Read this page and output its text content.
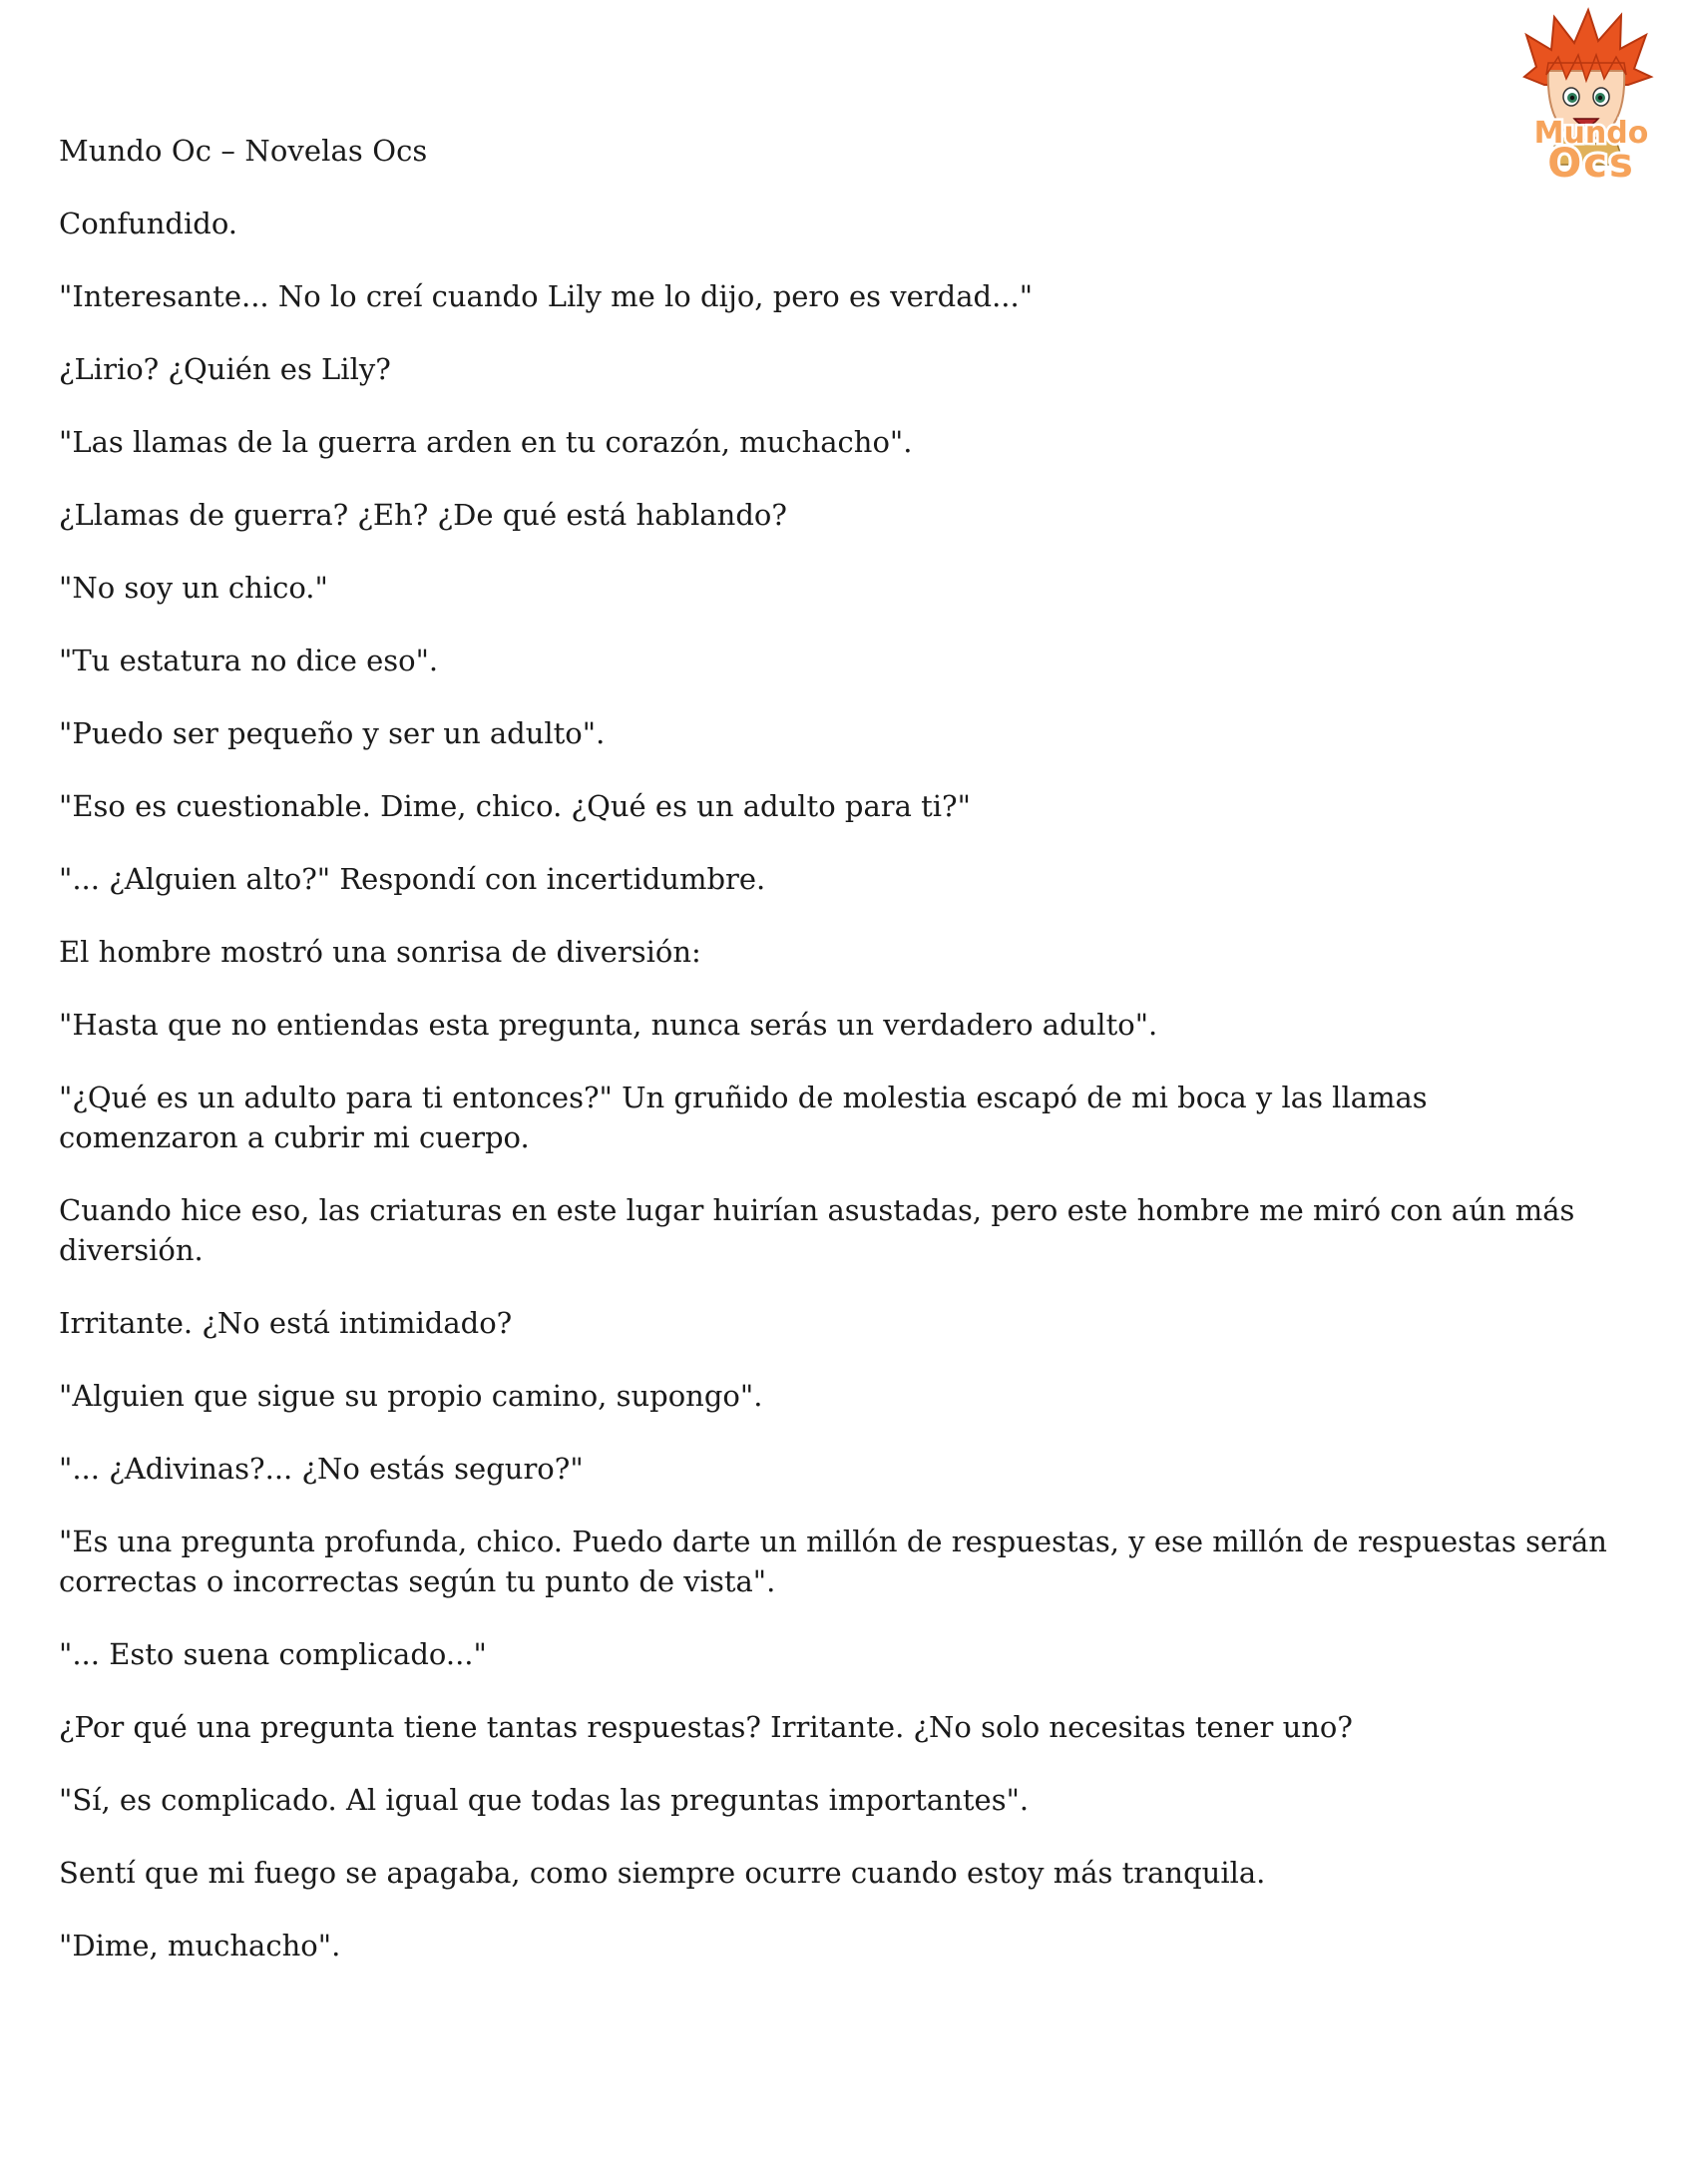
Mundo
Ocs
Mundo Oc – Novelas Ocs

Confundido.

"Interesante... No lo creí cuando Lily me lo dijo, pero es verdad..."

¿Lirio? ¿Quién es Lily?

"Las llamas de la guerra arden en tu corazón, muchacho".

¿Llamas de guerra? ¿Eh? ¿De qué está hablando?

"No soy un chico."

"Tu estatura no dice eso".

"Puedo ser pequeño y ser un adulto".

"Eso es cuestionable. Dime, chico. ¿Qué es un adulto para ti?"

"... ¿Alguien alto?" Respondí con incertidumbre.

El hombre mostró una sonrisa de diversión:

"Hasta que no entiendas esta pregunta, nunca serás un verdadero adulto".

"¿Qué es un adulto para ti entonces?" Un gruñido de molestia escapó de mi boca y las llamas comenzaron a cubrir mi cuerpo.

Cuando hice eso, las criaturas en este lugar huirían asustadas, pero este hombre me miró con aún más diversión.

Irritante. ¿No está intimidado?

"Alguien que sigue su propio camino, supongo".

"... ¿Adivinas?... ¿No estás seguro?"

"Es una pregunta profunda, chico. Puedo darte un millón de respuestas, y ese millón de respuestas serán correctas o incorrectas según tu punto de vista".

"... Esto suena complicado..."

¿Por qué una pregunta tiene tantas respuestas? Irritante. ¿No solo necesitas tener uno?

"Sí, es complicado. Al igual que todas las preguntas importantes".

Sentí que mi fuego se apagaba, como siempre ocurre cuando estoy más tranquila.

"Dime, muchacho".
